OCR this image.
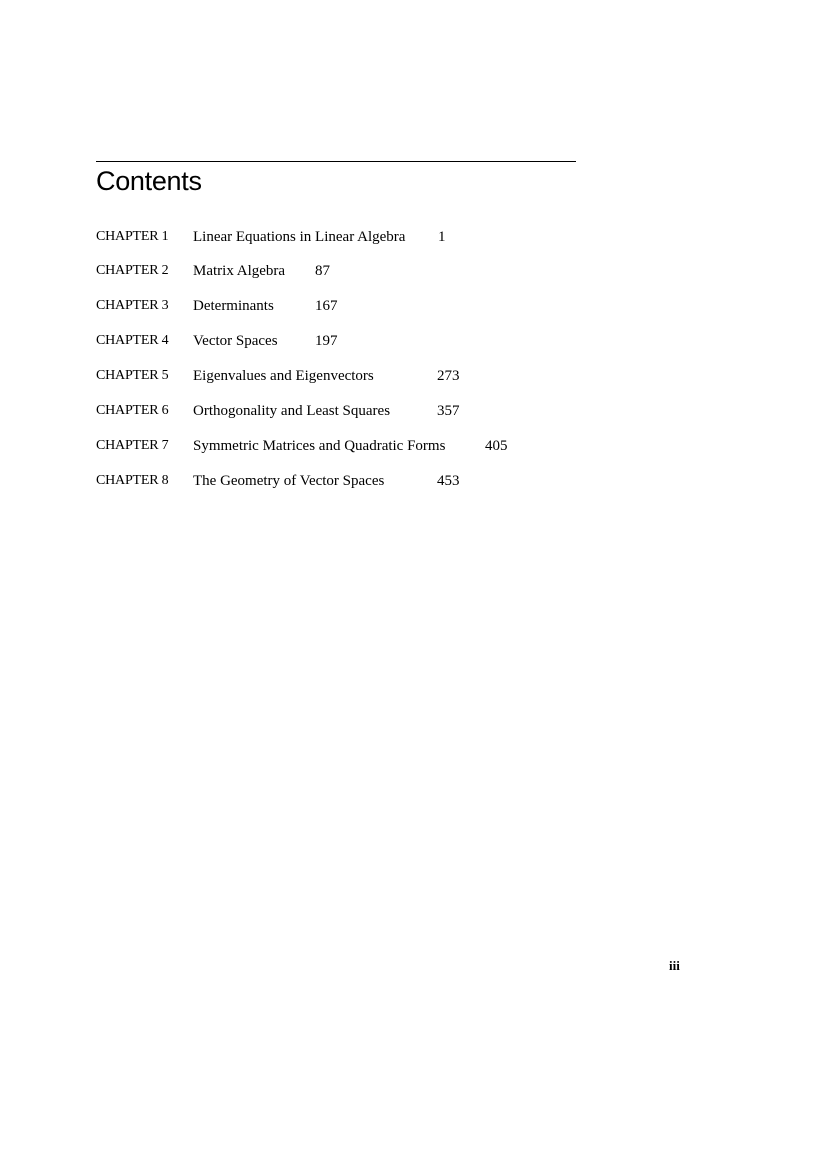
Contents
CHAPTER 1 Linear Equations in Linear Algebra 1
CHAPTER 2 Matrix Algebra 87
CHAPTER 3 Determinants	167
CHAPTER 4 Vector Spaces 197
CHAPTER 5 Eigenvalues and Eigenvectors	273
CHAPTER 6 Orthogonality and Least Squares	357
CHAPTER 7 Symmetric Matrices and Quadratic Forms	405
CHAPTER 8 The Geometry of Vector Spaces	453
iii
